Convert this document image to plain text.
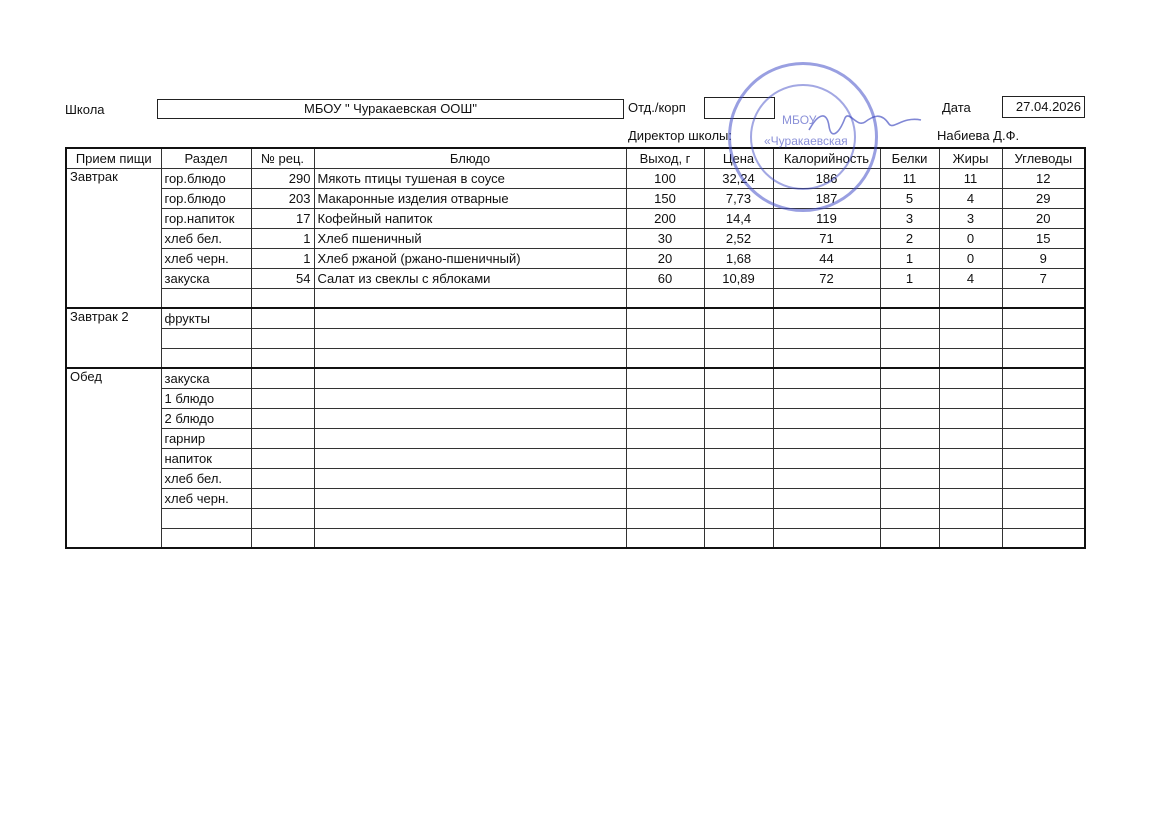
Школа	МБОУ " Чуракаевская ООШ"	Отд./корп	Дата	27.04.2026
Директор школы:	Набиева Д.Ф.
Прием пищи	Раздел	№ рец.	Блюдо	Выход, г	Цена	Калорийность	Белки	Жиры	Углеводы
Завтрак	гор.блюдо	290	Мякоть птицы тушеная в соусе	100	32,24	186	11	11	12
	гор.блюдо	203	Макаронные изделия отварные	150	7,73	187	5	4	29
	гор.напиток	17	Кофейный напиток	200	14,4	119	3	3	20
	хлеб бел.	1	Хлеб пшеничный	30	2,52	71	2	0	15
	хлеб черн.	1	Хлеб ржаной (ржано-пшеничный)	20	1,68	44	1	0	9
	закуска	54	Салат из свеклы с яблоками	60	10,89	72	1	4	7

Завтрак 2	фрукты								

Обед	закуска								
	1 блюдо								
	2 блюдо								
	гарнир								
	напиток								
	хлеб бел.								
	хлеб черн.								

МБОУ
«Чуракаевская
